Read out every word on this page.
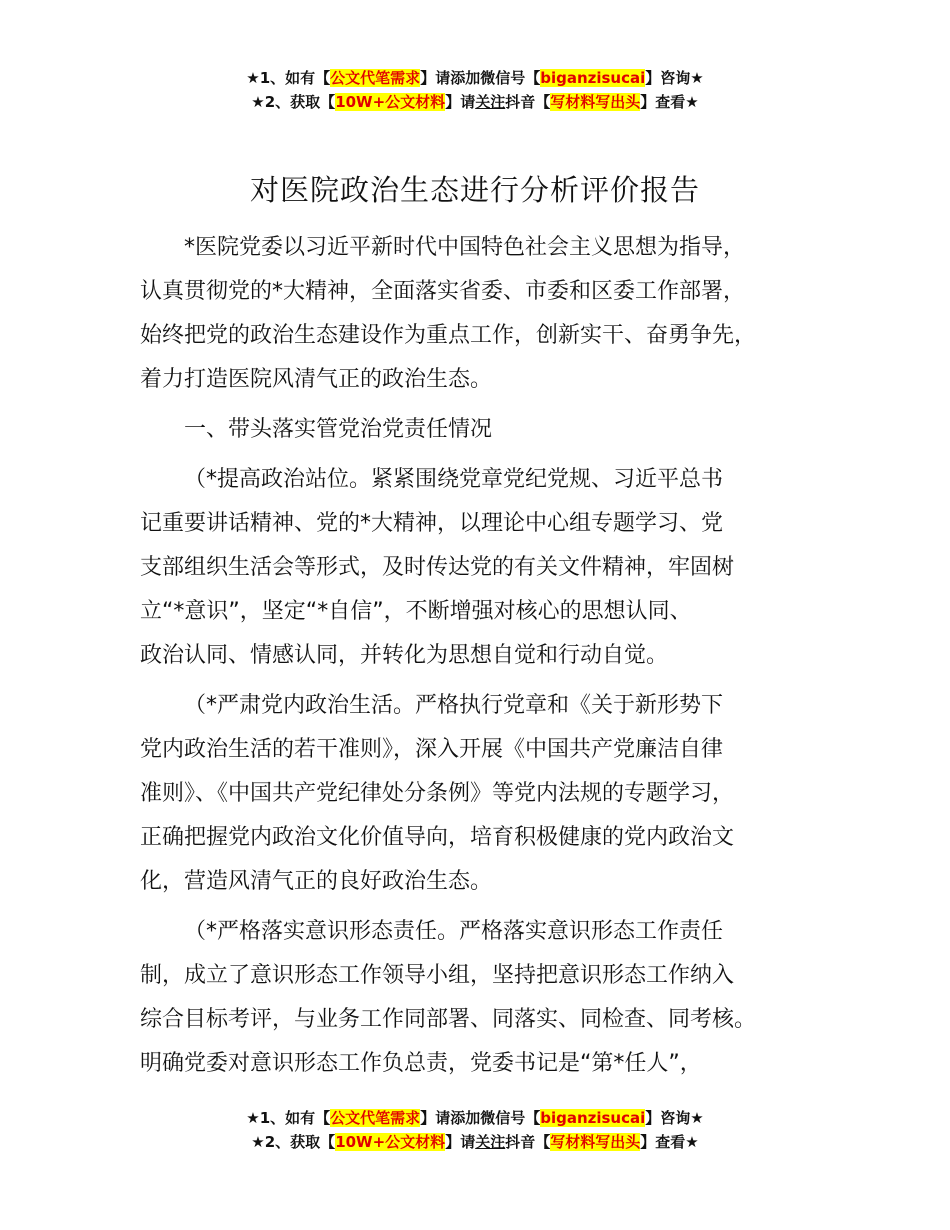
★1、如有【公文代笔需求】请添加微信号【biganzisucai】咨询★
★2、获取【10W+公文材料】请关注抖音【写材料写出头】查看★
对医院政治生态进行分析评价报告

*医院党委以习近平新时代中国特色社会主义思想为指导，
认真贯彻党的*大精神，全面落实省委、市委和区委工作部署，
始终把党的政治生态建设作为重点工作，创新实干、奋勇争先，
着力打造医院风清气正的政治生态。

一、带头落实管党治党责任情况

（*提高政治站位。紧紧围绕党章党纪党规、习近平总书
记重要讲话精神、党的*大精神，以理论中心组专题学习、党
支部组织生活会等形式，及时传达党的有关文件精神，牢固树
立“*意识”，坚定“*自信”，不断增强对核心的思想认同、
政治认同、情感认同，并转化为思想自觉和行动自觉。

（*严肃党内政治生活。严格执行党章和《关于新形势下
党内政治生活的若干准则》，深入开展《中国共产党廉洁自律
准则》、《中国共产党纪律处分条例》等党内法规的专题学习，
正确把握党内政治文化价值导向，培育积极健康的党内政治文
化，营造风清气正的良好政治生态。

（*严格落实意识形态责任。严格落实意识形态工作责任
制，成立了意识形态工作领导小组，坚持把意识形态工作纳入
综合目标考评，与业务工作同部署、同落实、同检查、同考核。
明确党委对意识形态工作负总责，党委书记是“第*任人”，

★1、如有【公文代笔需求】请添加微信号【biganzisucai】咨询★
★2、获取【10W+公文材料】请关注抖音【写材料写出头】查看★
